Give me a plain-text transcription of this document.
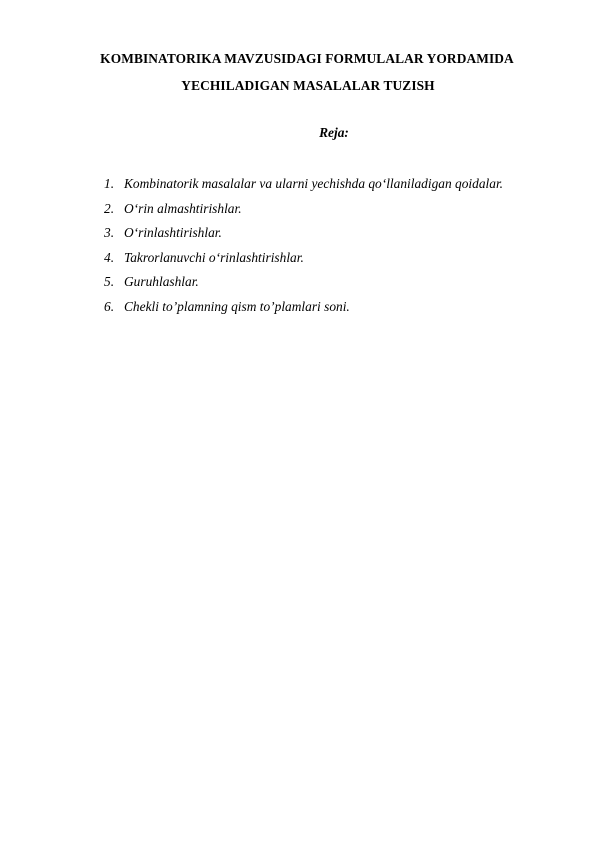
KOMBINATORIKA MAVZUSIDAGI FORMULALAR YORDAMIDA
YECHILADIGAN MASALALAR TUZISH
Reja:
1. Kombinatorik masalalar va ularni yechishda qo‘llaniladigan qoidalar.
2. O‘rin almashtirishlar.
3. O‘rinlashtirishlar.
4. Takrorlanuvchi o‘rinlashtirishlar.
5. Guruhlashlar.
6. Chekli to’plamning qism to’plamlari soni.
